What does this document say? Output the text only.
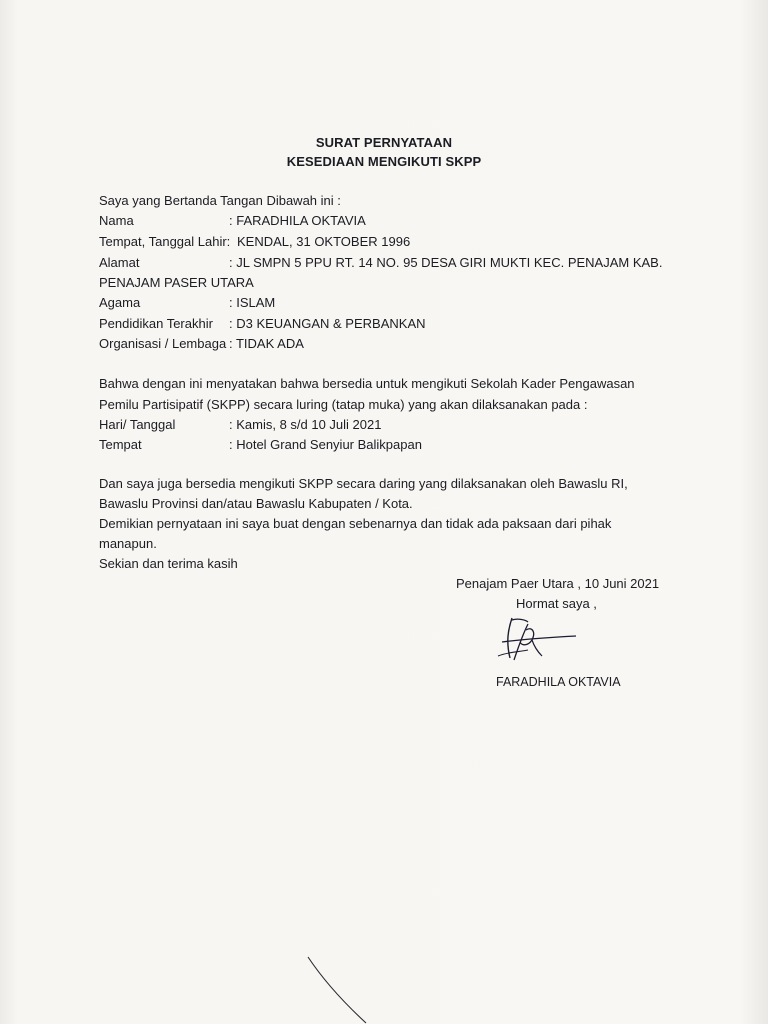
SURAT PERNYATAAN
KESEDIAAN MENGIKUTI SKPP
Saya yang Bertanda Tangan Dibawah ini :
Nama	: FARADHILA OKTAVIA
Tempat, Tanggal Lahir: KENDAL, 31 OKTOBER 1996
Alamat	: JL SMPN 5 PPU RT. 14 NO. 95 DESA GIRI MUKTI KEC. PENAJAM KAB.
PENAJAM PASER UTARA
Agama	: ISLAM
Pendidikan Terakhir : D3 KEUANGAN & PERBANKAN
Organisasi / Lembaga : TIDAK ADA
Bahwa dengan ini menyatakan bahwa bersedia untuk mengikuti Sekolah Kader Pengawasan
Pemilu Partisipatif (SKPP) secara luring (tatap muka) yang akan dilaksanakan pada :
Hari/ Tanggal	: Kamis, 8 s/d 10 Juli 2021
Tempat	: Hotel Grand Senyiur Balikpapan
Dan saya juga bersedia mengikuti SKPP secara daring yang dilaksanakan oleh Bawaslu RI,
Bawaslu Provinsi dan/atau Bawaslu Kabupaten / Kota.
Demikian pernyataan ini saya buat dengan sebenarnya dan tidak ada paksaan dari pihak
manapun.
Sekian dan terima kasih
Penajam Paer Utara , 10 Juni 2021
Hormat saya ,
FARADHILA OKTAVIA
